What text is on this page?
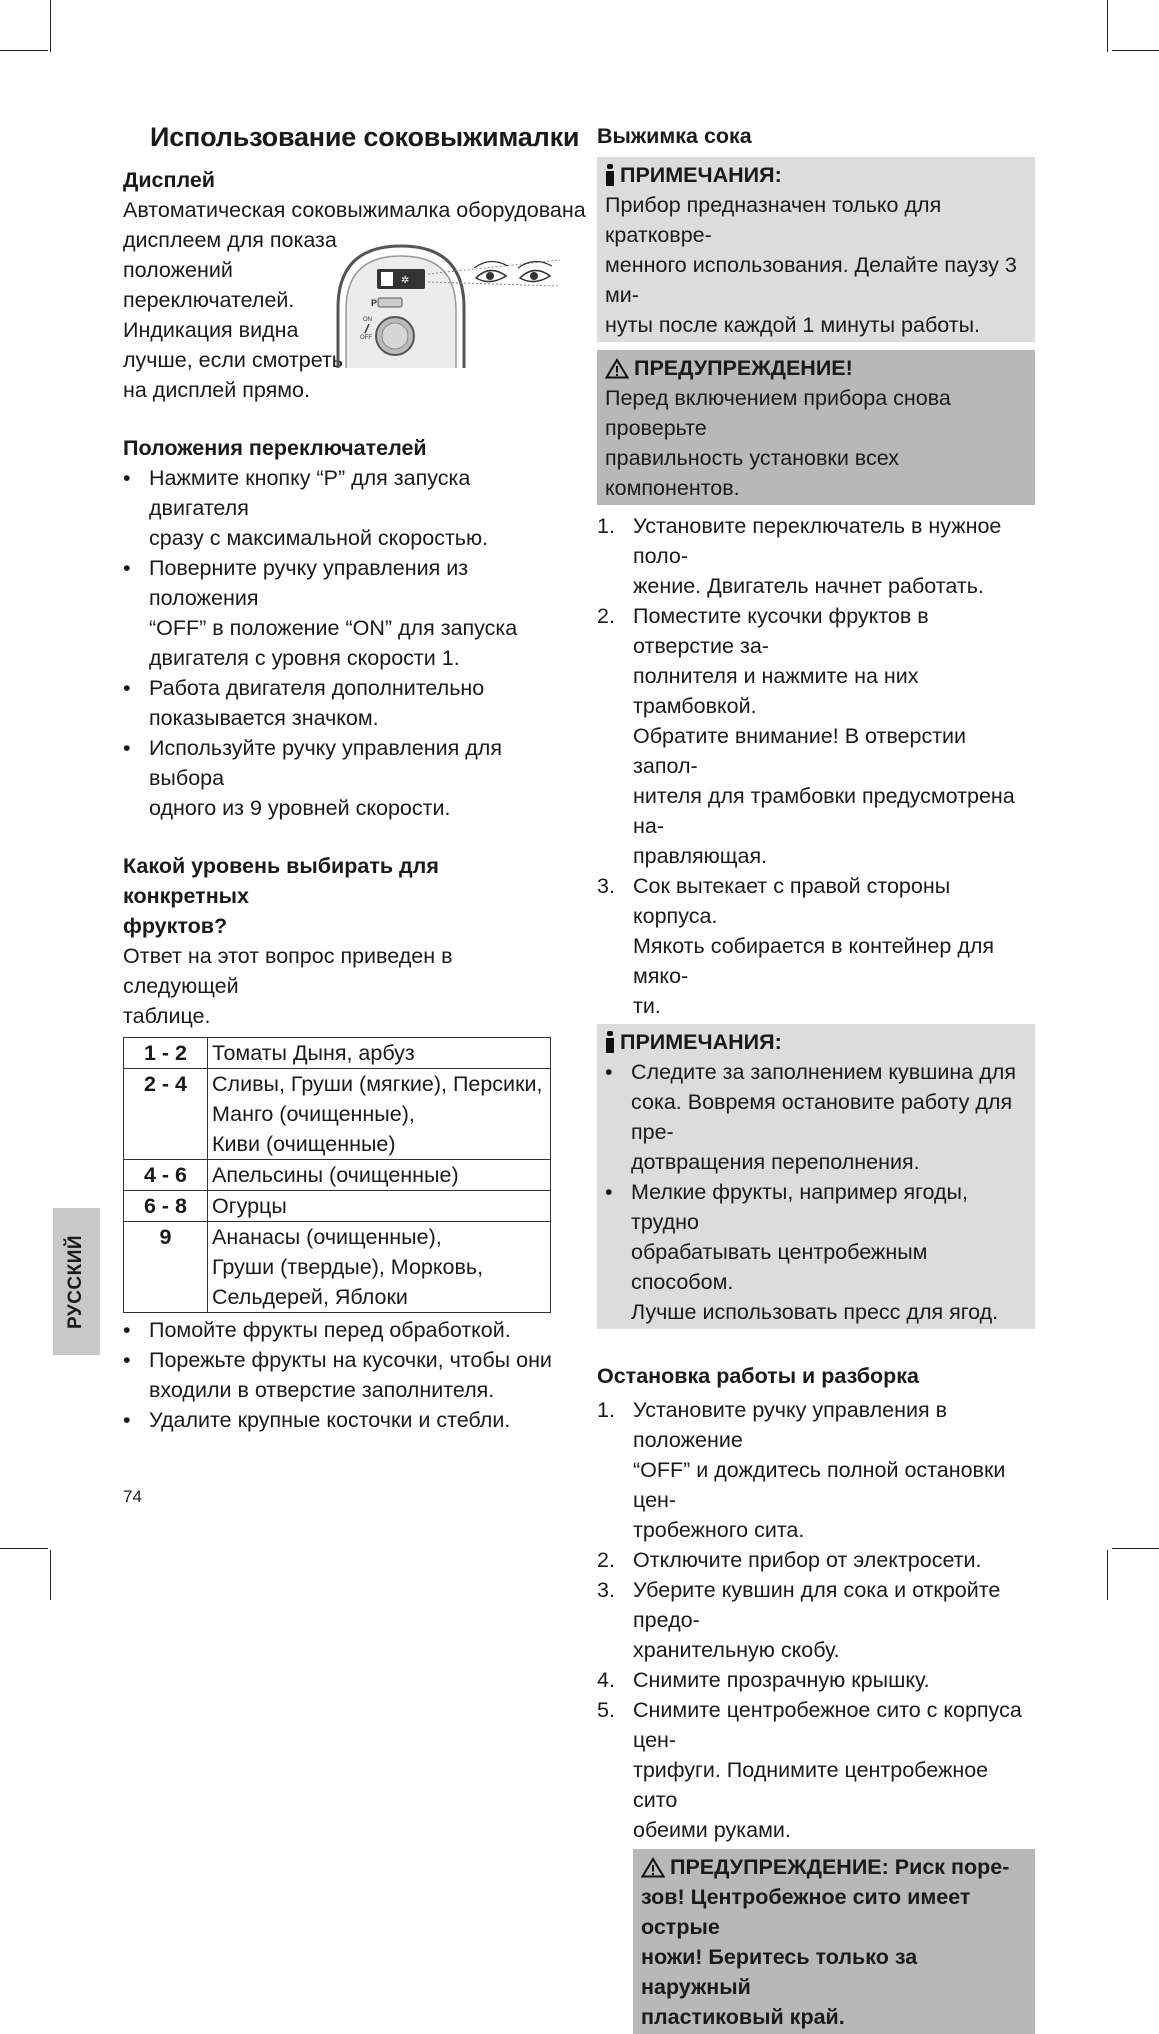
Использование соковыжималки

Дисплей

Автоматическая соковыжималка оборудована

дисплеем для показа

положений

переключателей.

Индикация видна

лучше, если смотреть

на дисплей прямо.

Положения переключателей

• Нажмите кнопку “P” для запуска двигателя

сразу с максимальной скоростью.

• Поверните ручку управления из положения

“OFF” в положение “ON” для запуска

двигателя с уровня скорости 1.

• Работа двигателя дополнительно

показывается значком.

• Используйте ручку управления для выбора

одного из 9 уровней скорости.

Какой уровень выбирать для конкретных

фруктов?

Ответ на этот вопрос приведен в следующей

таблице.

1 - 2	Томаты Дыня, арбуз

2 - 4	Сливы, Груши (мягкие), Персики,
Манго (очищенные),
Киви (очищенные)

4 - 6	Апельсины (очищенные)

6 - 8	Огурцы

9	Ананасы (очищенные),
Груши (твердые), Морковь,
Сельдерей, Яблоки

• Помойте фрукты перед обработкой.

• Порежьте фрукты на кусочки, чтобы они

входили в отверстие заполнителя.

• Удалите крупные косточки и стебли.

✲
P
ON
OFF

Выжимка сока

ПРИМЕЧАНИЯ:

Прибор предназначен только для кратковре-

менного использования. Делайте паузу 3 ми-

нуты после каждой 1 минуты работы.

ПРЕДУПРЕЖДЕНИЕ!

Перед включением прибора снова проверьте

правильность установки всех компонентов.

1. Установите переключатель в нужное поло-

жение. Двигатель начнет работать.

2. Поместите кусочки фруктов в отверстие за-

полнителя и нажмите на них трамбовкой.

Обратите внимание! В отверстии запол-

нителя для трамбовки предусмотрена на-

правляющая.

3. Сок вытекает с правой стороны корпуса.

Мякоть собирается в контейнер для мяко-

ти.

ПРИМЕЧАНИЯ:

• Следите за заполнением кувшина для

сока. Вовремя остановите работу для пре-

дотвращения переполнения.

• Мелкие фрукты, например ягоды, трудно

обрабатывать центробежным способом.

Лучше использовать пресс для ягод.

Остановка работы и разборка

1. Установите ручку управления в положение

“OFF” и дождитесь полной остановки цен-

тробежного сита.

2. Отключите прибор от электросети.

3. Уберите кувшин для сока и откройте предо-

хранительную скобу.

4. Снимите прозрачную крышку.

5. Снимите центробежное сито с корпуса цен-

трифуги. Поднимите центробежное сито

обеими руками.

ПРЕДУПРЕЖДЕНИЕ: Риск поре-

зов! Центробежное сито имеет острые

ножи! Беритесь только за наружный

пластиковый край.

РУССКИЙ
74
